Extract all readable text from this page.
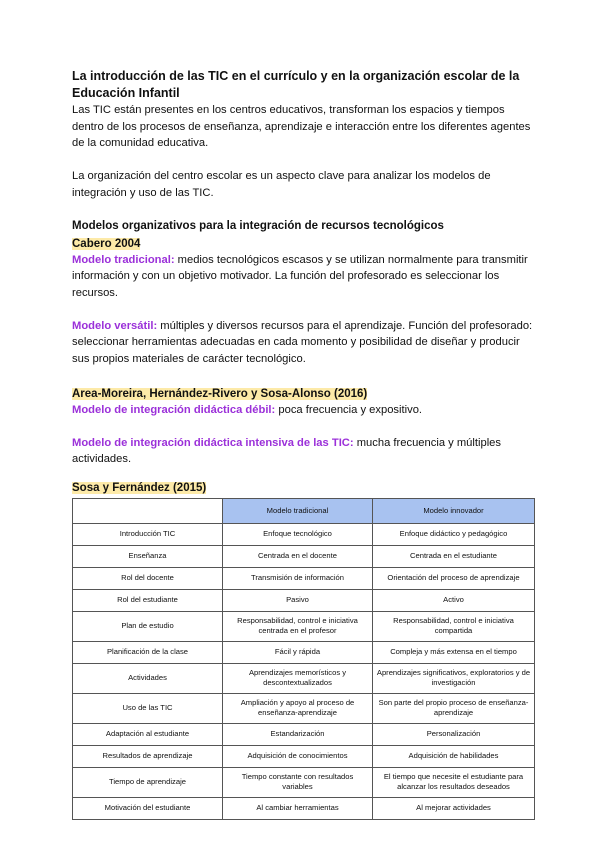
La introducción de las TIC en el currículo y en la organización escolar de la Educación Infantil

Las TIC están presentes en los centros educativos, transforman los espacios y tiempos dentro de los procesos de enseñanza, aprendizaje e interacción entre los diferentes agentes de la comunidad educativa.

La organización del centro escolar es un aspecto clave para analizar los modelos de integración y uso de las TIC.

Modelos organizativos para la integración de recursos tecnológicos
Cabero 2004

Modelo tradicional: medios tecnológicos escasos y se utilizan normalmente para transmitir información y con un objetivo motivador. La función del profesorado es seleccionar los recursos.

Modelo versátil: múltiples y diversos recursos para el aprendizaje. Función del profesorado: seleccionar herramientas adecuadas en cada momento y posibilidad de diseñar y producir sus propios materiales de carácter tecnológico.

Area-Moreira, Hernández-Rivero y Sosa-Alonso (2016)

Modelo de integración didáctica débil: poca frecuencia y expositivo.

Modelo de integración didáctica intensiva de las TIC: mucha frecuencia y múltiples actividades.

Sosa y Fernández (2015)
	Modelo tradicional	Modelo innovador
Introducción TIC	Enfoque tecnológico	Enfoque didáctico y pedagógico
Enseñanza	Centrada en el docente	Centrada en el estudiante
Rol del docente	Transmisión de información	Orientación del proceso de aprendizaje
Rol del estudiante	Pasivo	Activo
Plan de estudio	Responsabilidad, control e iniciativa centrada en el profesor	Responsabilidad, control e iniciativa compartida
Planificación de la clase	Fácil y rápida	Compleja y más extensa en el tiempo
Actividades	Aprendizajes memorísticos y descontextualizados	Aprendizajes significativos, exploratorios y de investigación
Uso de las TIC	Ampliación y apoyo al proceso de enseñanza-aprendizaje	Son parte del propio proceso de enseñanza-aprendizaje
Adaptación al estudiante	Estandarización	Personalización
Resultados de aprendizaje	Adquisición de conocimientos	Adquisición de habilidades
Tiempo de aprendizaje	Tiempo constante con resultados variables	El tiempo que necesite el estudiante para alcanzar los resultados deseados
Motivación del estudiante	Al cambiar herramientas	Al mejorar actividades
